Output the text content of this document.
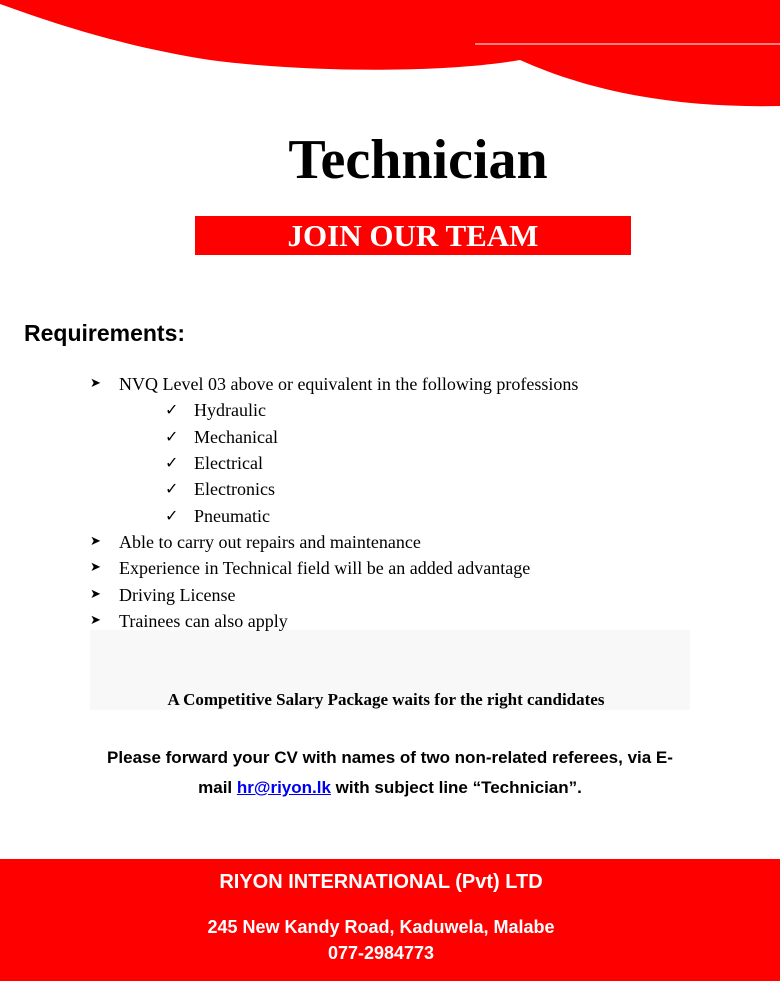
Technician
JOIN OUR TEAM
Requirements:
➤ NVQ Level 03 above or equivalent in the following professions
✓ Hydraulic
✓ Mechanical
✓ Electrical
✓ Electronics
✓ Pneumatic
➤ Able to carry out repairs and maintenance
➤ Experience in Technical field will be an added advantage
➤ Driving License
➤ Trainees can also apply
A Competitive Salary Package waits for the right candidates
Please forward your CV with names of two non-related referees, via E-
mail hr@riyon.lk with subject line “Technician”.
RIYON INTERNATIONAL (Pvt) LTD
245 New Kandy Road, Kaduwela, Malabe
077-2984773
